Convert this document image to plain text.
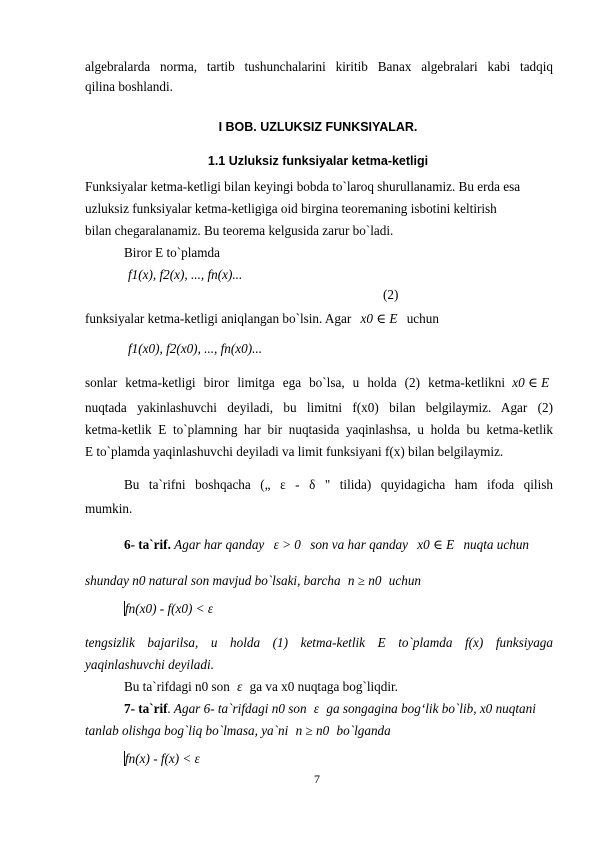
algebralarda norma, tartib tushunchalarini kiritib Banax algebralari kabi tadqiq
qilina boshlandi.
I BOB. UZLUKSIZ FUNKSIYALAR.
1.1 Uzluksiz funksiyalar ketma-ketligi
Funksiyalar ketma-ketligi bilan keyingi bobda to`laroq shurullanamiz. Bu erda esa
uzluksiz funksiyalar ketma-ketligiga oid birgina teoremaning isbotini keltirish
bilan chegaralanamiz. Bu teorema kelgusida zarur bo`ladi.
Biror E to`plamda
f1(x), f2(x), ..., fn(x)...
(2)
funksiyalar ketma-ketligi aniqlangan bo`lsin. Agar x0 ∈ E uchun
f1(x0), f2(x0), ..., fn(x0)...
sonlar ketma-ketligi biror limitga ega bo`lsa, u holda (2) ketma-ketlikni x0 ∈ E
nuqtada yakinlashuvchi deyiladi, bu limitni f(x0) bilan belgilaymiz. Agar (2)
ketma-ketlik E to`plamning har bir nuqtasida yaqinlashsa, u holda bu ketma-ketlik
E to`plamda yaqinlashuvchi deyiladi va limit funksiyani f(x) bilan belgilaymiz.
Bu ta`rifni boshqacha („ ε - δ " tilida) quyidagicha ham ifoda qilish
mumkin.
6- ta`rif. Agar har qanday ε > 0 son va har qanday x0 ∈ E nuqta uchun
shunday n0 natural son mavjud bo`lsaki, barcha n ≥ n0 uchun
fn(x0) - f(x0) < ε
tengsizlik bajarilsa, u holda (1) ketma-ketlik E to`plamda f(x) funksiyaga
yaqinlashuvchi deyiladi.
Bu ta`rifdagi n0 son ε ga va x0 nuqtaga bog`liqdir.
7- ta`rif. Agar 6- ta`rifdagi n0 son ε ga songagina bog‘lik bo`lib, x0 nuqtani
tanlab olishga bog`liq bo`lmasa, ya`ni n ≥ n0 bo`lganda
fn(x) - f(x) < ε
7
